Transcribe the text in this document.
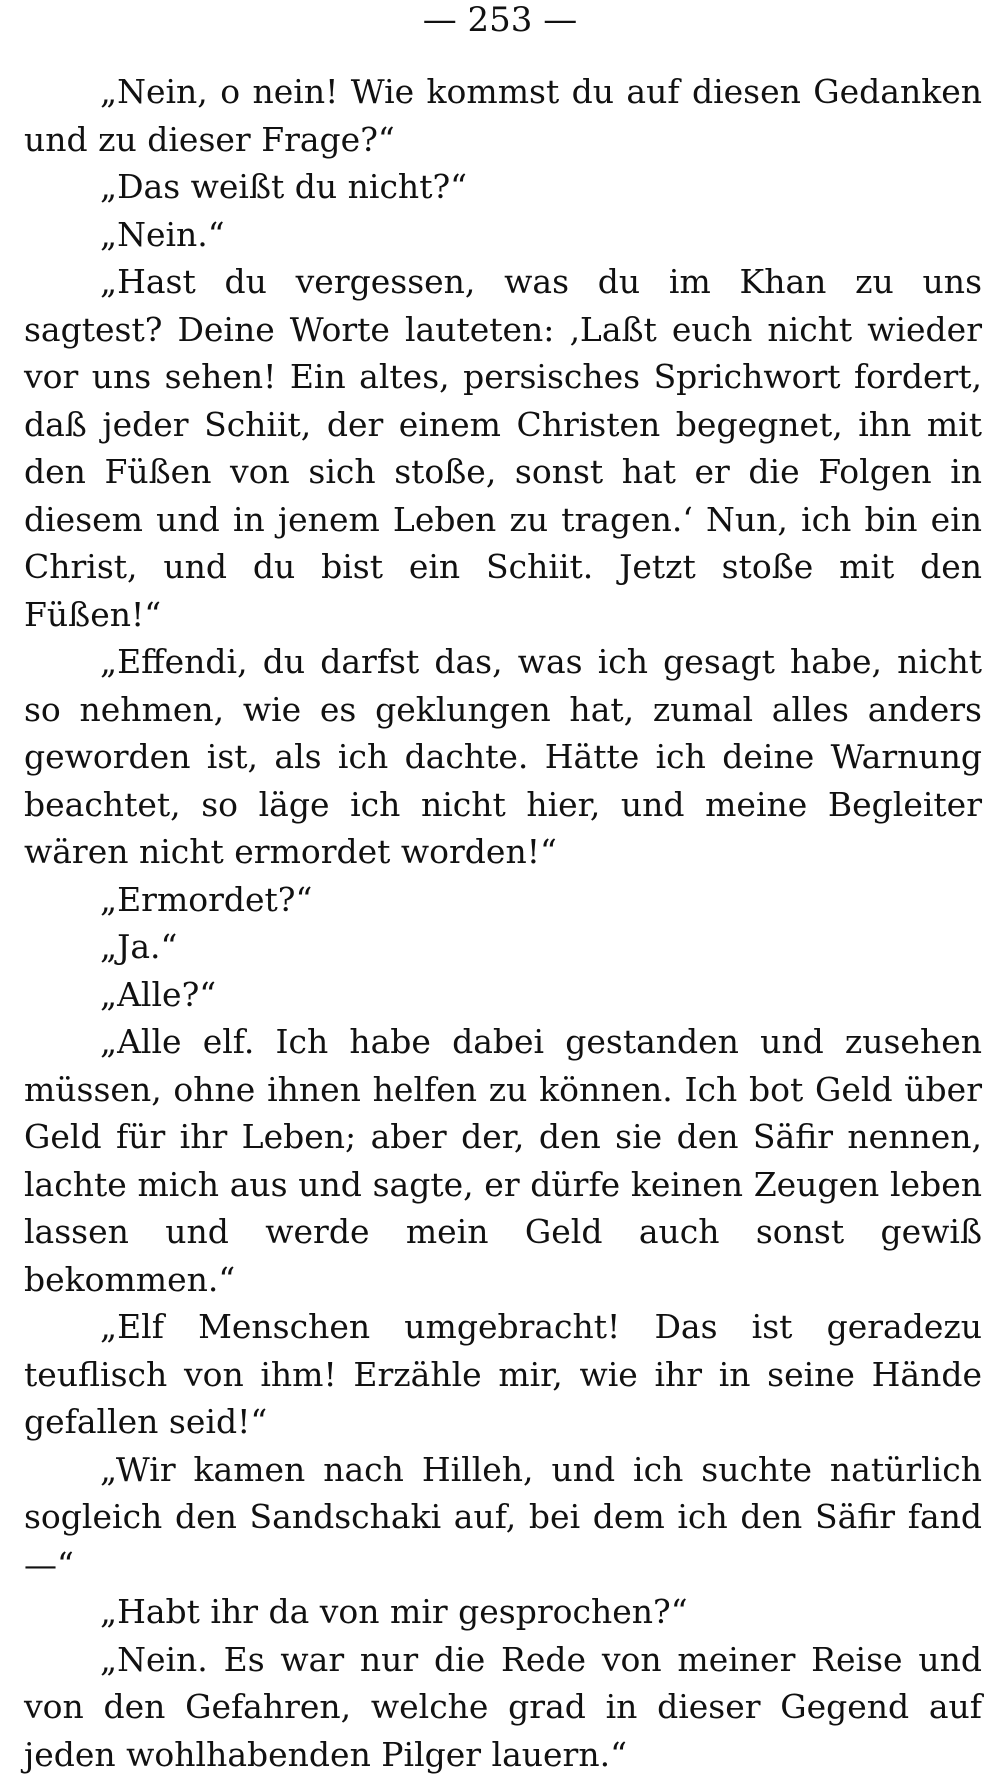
— 253 —

„Nein, o nein! Wie kommst du auf diesen Gedanken und zu dieser Frage?“

„Das weißt du nicht?“

„Nein.“

„Hast du vergessen, was du im Khan zu uns sagtest? Deine Worte lauteten: ‚Laßt euch nicht wieder vor uns sehen! Ein altes, persisches Sprichwort fordert, daß jeder Schiit, der einem Christen begegnet, ihn mit den Füßen von sich stoße, sonst hat er die Folgen in diesem und in jenem Leben zu tragen.‘ Nun, ich bin ein Christ, und du bist ein Schiit. Jetzt stoße mit den Füßen!“

„Effendi, du darfst das, was ich gesagt habe, nicht so nehmen, wie es geklungen hat, zumal alles anders geworden ist, als ich dachte. Hätte ich deine Warnung beachtet, so läge ich nicht hier, und meine Begleiter wären nicht ermordet worden!“

„Ermordet?“

„Ja.“

„Alle?“

„Alle elf. Ich habe dabei gestanden und zusehen müssen, ohne ihnen helfen zu können. Ich bot Geld über Geld für ihr Leben; aber der, den sie den Säfir nennen, lachte mich aus und sagte, er dürfe keinen Zeugen leben lassen und werde mein Geld auch sonst gewiß bekommen.“

„Elf Menschen umgebracht! Das ist geradezu teuflisch von ihm! Erzähle mir, wie ihr in seine Hände gefallen seid!“

„Wir kamen nach Hilleh, und ich suchte natürlich sogleich den Sandschaki auf, bei dem ich den Säfir fand —“

„Habt ihr da von mir gesprochen?“

„Nein. Es war nur die Rede von meiner Reise und von den Gefahren, welche grad in dieser Gegend auf jeden wohlhabenden Pilger lauern.“
